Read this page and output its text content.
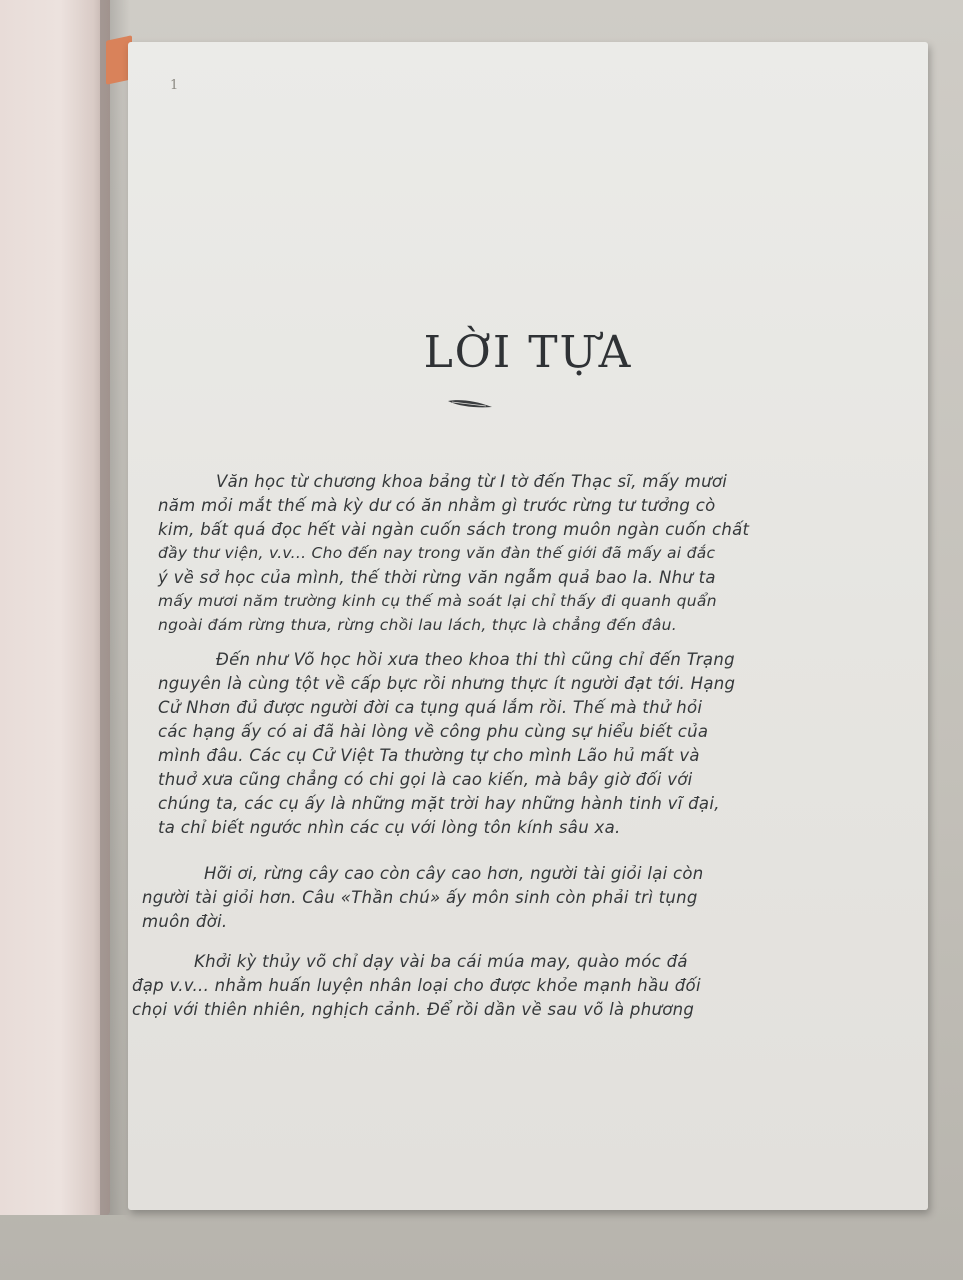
1
LỜI TỰA
Văn học từ chương khoa bảng từ I tờ đến Thạc sĩ, mấy mươi
năm mỏi mắt thế mà kỳ dư có ăn nhằm gì trước rừng tư tưởng cò
kim, bất quá đọc hết vài ngàn cuốn sách trong muôn ngàn cuốn chất
đầy thư viện, v.v... Cho đến nay trong văn đàn thế giới đã mấy ai đắc
ý về sở học của mình, thế thời rừng văn ngẫm quả bao la. Như ta
mấy mươi năm trường kinh cụ thế mà soát lại chỉ thấy đi quanh quẩn
ngoài đám rừng thưa, rừng chồi lau lách, thực là chẳng đến đâu.
Đến như Võ học hồi xưa theo khoa thi thì cũng chỉ đến Trạng
nguyên là cùng tột về cấp bực rồi nhưng thực ít người đạt tới. Hạng
Cử Nhơn đủ được người đời ca tụng quá lắm rồi. Thế mà thử hỏi
các hạng ấy có ai đã hài lòng về công phu cùng sự hiểu biết của
mình đâu. Các cụ Cử Việt Ta thường tự cho mình Lão hủ mất và
thuở xưa cũng chẳng có chi gọi là cao kiến, mà bây giờ đối với
chúng ta, các cụ ấy là những mặt trời hay những hành tinh vĩ đại,
ta chỉ biết ngước nhìn các cụ với lòng tôn kính sâu xa.
Hỡi ơi, rừng cây cao còn cây cao hơn, người tài giỏi lại còn
người tài giỏi hơn. Câu «Thần chú» ấy môn sinh còn phải trì tụng
muôn đời.
Khởi kỳ thủy võ chỉ dạy vài ba cái múa may, quào móc đá
đạp v.v... nhằm huấn luyện nhân loại cho được khỏe mạnh hầu đối
chọi với thiên nhiên, nghịch cảnh. Để rồi dần về sau võ là phương
